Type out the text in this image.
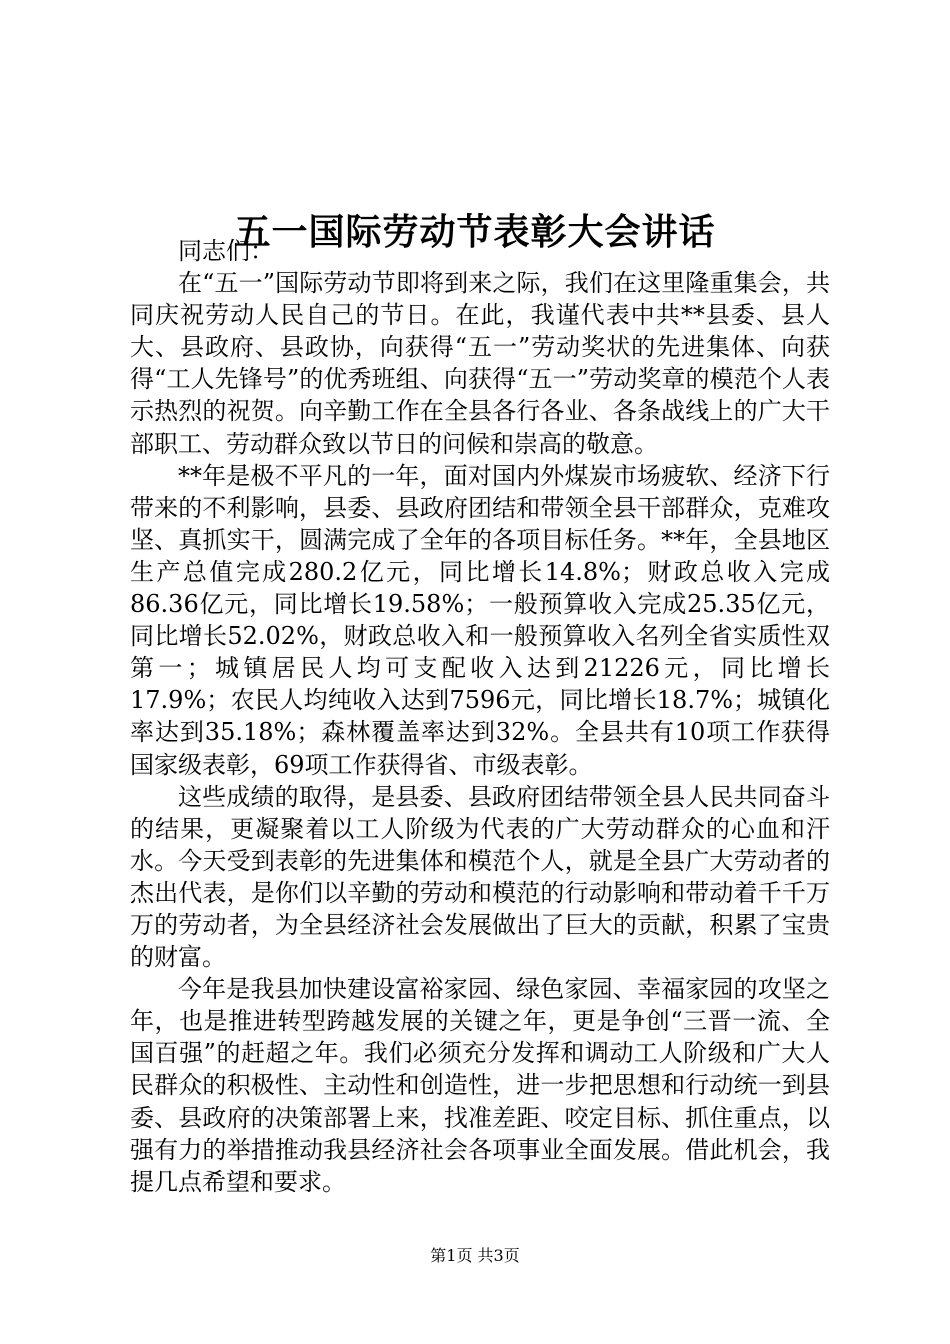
五一国际劳动节表彰大会讲话

同志们：

在“五一”国际劳动节即将到来之际，我们在这里隆重集会，共同庆祝劳动人民自己的节日。在此，我谨代表中共**县委、县人大、县政府、县政协，向获得“五一”劳动奖状的先进集体、向获得“工人先锋号”的优秀班组、向获得“五一”劳动奖章的模范个人表示热烈的祝贺。向辛勤工作在全县各行各业、各条战线上的广大干部职工、劳动群众致以节日的问候和崇高的敬意。

**年是极不平凡的一年，面对国内外煤炭市场疲软、经济下行带来的不利影响，县委、县政府团结和带领全县干部群众，克难攻坚、真抓实干，圆满完成了全年的各项目标任务。**年，全县地区生产总值完成280.2亿元，同比增长14.8%；财政总收入完成86.36亿元，同比增长19.58%；一般预算收入完成25.35亿元，同比增长52.02%，财政总收入和一般预算收入名列全省实质性双第一；城镇居民人均可支配收入达到21226元，同比增长17.9%；农民人均纯收入达到7596元，同比增长18.7%；城镇化率达到35.18%；森林覆盖率达到32%。全县共有10项工作获得国家级表彰，69项工作获得省、市级表彰。

这些成绩的取得，是县委、县政府团结带领全县人民共同奋斗的结果，更凝聚着以工人阶级为代表的广大劳动群众的心血和汗水。今天受到表彰的先进集体和模范个人，就是全县广大劳动者的杰出代表，是你们以辛勤的劳动和模范的行动影响和带动着千千万万的劳动者，为全县经济社会发展做出了巨大的贡献，积累了宝贵的财富。

今年是我县加快建设富裕家园、绿色家园、幸福家园的攻坚之年，也是推进转型跨越发展的关键之年，更是争创“三晋一流、全国百强”的赶超之年。我们必须充分发挥和调动工人阶级和广大人民群众的积极性、主动性和创造性，进一步把思想和行动统一到县委、县政府的决策部署上来，找准差距、咬定目标、抓住重点，以强有力的举措推动我县经济社会各项事业全面发展。借此机会，我提几点希望和要求。

第1页 共3页
